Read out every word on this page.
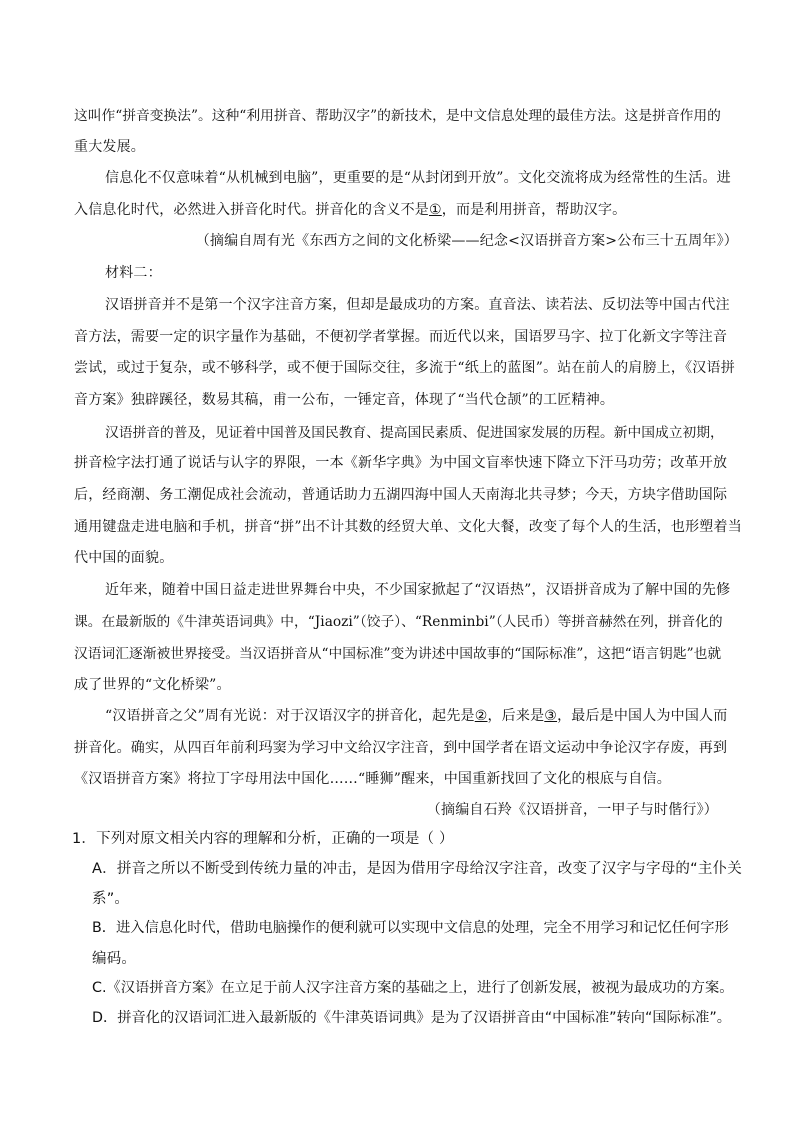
这叫作“拼音变换法”。这种“利用拼音、帮助汉字”的新技术，是中文信息处理的最佳方法。这是拼音作用的
重大发展。
信息化不仅意味着“从机械到电脑”，更重要的是“从封闭到开放”。文化交流将成为经常性的生活。进
入信息化时代，必然进入拼音化时代。拼音化的含义不是①，而是利用拼音，帮助汉字。
（摘编自周有光《东西方之间的文化桥梁——纪念<汉语拼音方案>公布三十五周年》）
材料二：
汉语拼音并不是第一个汉字注音方案，但却是最成功的方案。直音法、读若法、反切法等中国古代注
音方法，需要一定的识字量作为基础，不便初学者掌握。而近代以来，国语罗马字、拉丁化新文字等注音
尝试，或过于复杂，或不够科学，或不便于国际交往，多流于“纸上的蓝图”。站在前人的肩膀上，《汉语拼
音方案》独辟蹊径，数易其稿，甫一公布，一锤定音，体现了“当代仓颉”的工匠精神。
汉语拼音的普及，见证着中国普及国民教育、提高国民素质、促进国家发展的历程。新中国成立初期，
拼音检字法打通了说话与认字的界限，一本《新华字典》为中国文盲率快速下降立下汗马功劳；改革开放
后，经商潮、务工潮促成社会流动，普通话助力五湖四海中国人天南海北共寻梦；今天，方块字借助国际
通用键盘走进电脑和手机，拼音“拼”出不计其数的经贸大单、文化大餐，改变了每个人的生活，也形塑着当
代中国的面貌。
近年来，随着中国日益走进世界舞台中央，不少国家掀起了“汉语热”，汉语拼音成为了解中国的先修
课。在最新版的《牛津英语词典》中，“Jiaozi”（饺子）、“Renminbi”（人民币）等拼音赫然在列，拼音化的
汉语词汇逐渐被世界接受。当汉语拼音从“中国标准”变为讲述中国故事的“国际标准”，这把“语言钥匙”也就
成了世界的“文化桥梁”。
“汉语拼音之父”周有光说：对于汉语汉字的拼音化，起先是②，后来是③，最后是中国人为中国人而
拼音化。确实，从四百年前利玛窦为学习中文给汉字注音，到中国学者在语文运动中争论汉字存废，再到
《汉语拼音方案》将拉丁字母用法中国化……“睡狮”醒来，中国重新找回了文化的根底与自信。
（摘编自石羚《汉语拼音，一甲子与时偕行》）
1．下列对原文相关内容的理解和分析，正确的一项是（ ）
A．拼音之所以不断受到传统力量的冲击，是因为借用字母给汉字注音，改变了汉字与字母的“主仆关
系”。
B．进入信息化时代，借助电脑操作的便利就可以实现中文信息的处理，完全不用学习和记忆任何字形
编码。
C.《汉语拼音方案》在立足于前人汉字注音方案的基础之上，进行了创新发展，被视为最成功的方案。
D．拼音化的汉语词汇进入最新版的《牛津英语词典》是为了汉语拼音由“中国标准”转向“国际标准”。
